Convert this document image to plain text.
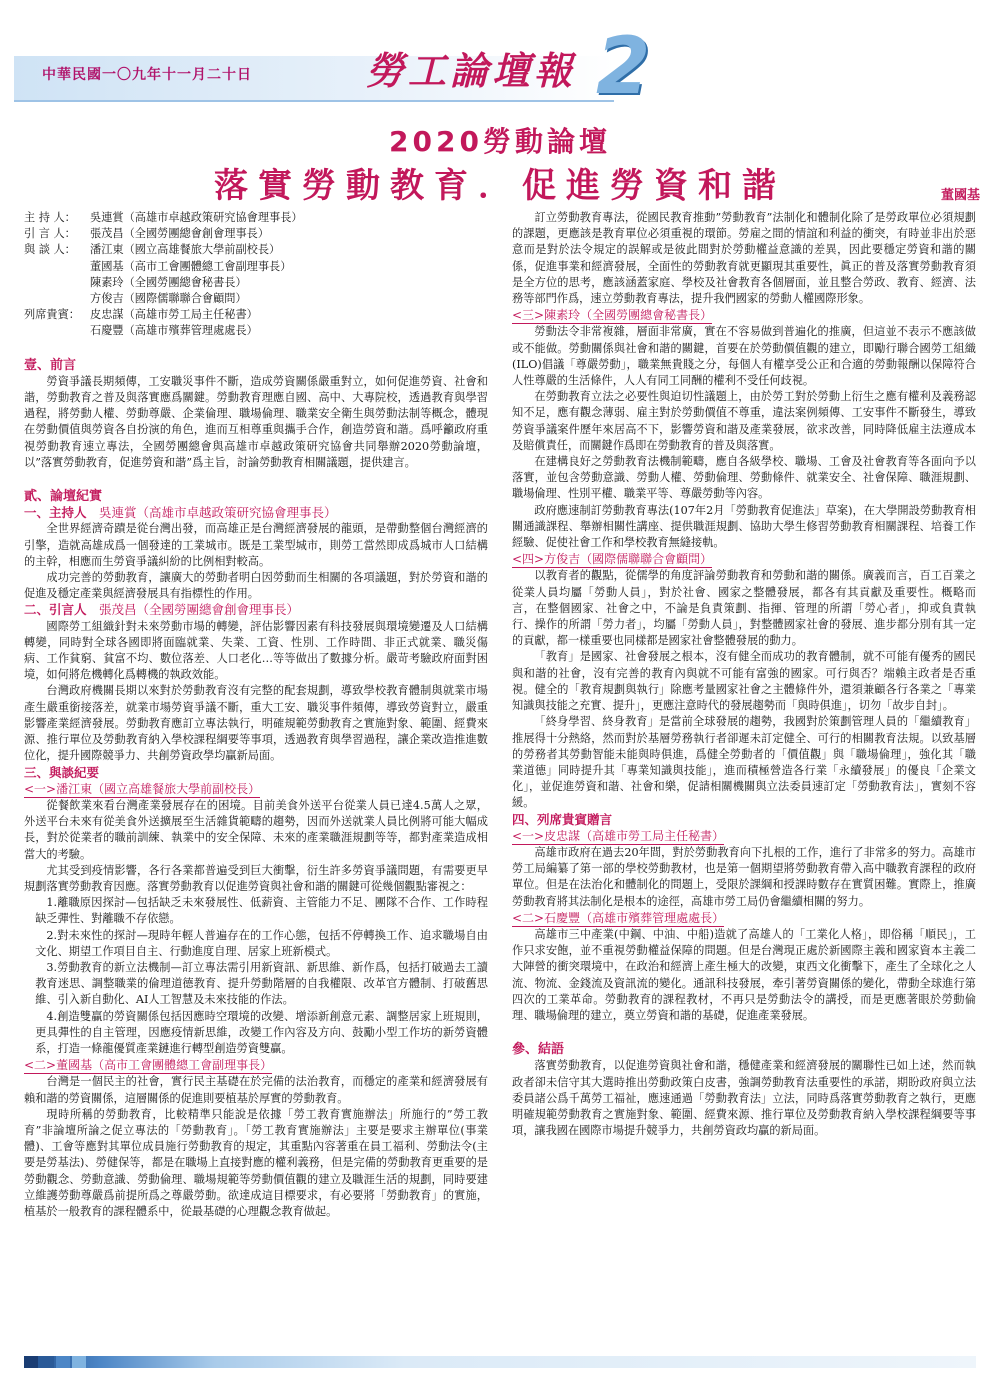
中華民國一〇九年十一月二十日	勞工論壇報 2
2020勞動論壇
落實勞動教育．促進勞資和諧	董國基
主 持 人：	吳連賞（高雄市卓越政策研究協會理事長）
引 言 人：	張茂昌（全國勞團總會創會理事長）
與 談 人：	潘江東（國立高雄餐旅大學前副校長）
董國基（高市工會團體總工會副理事長）
陳素玲（全國勞團總會秘書長）
方俊吉（國際儒聯聯合會顧問）
列席貴賓： 皮忠謀（高雄市勞工局主任秘書）
石慶豐（高雄市殯葬管理處處長）

壹、前言

勞資爭議長期頻傳，工安職災事件不斷，造成勞資關係嚴重對立，如何促進勞資、社會和諧，勞動教育之普及與落實應爲關鍵。勞動教育理應自國、高中、大專院校，透過教育與學習過程，將勞動人權、勞動尊嚴、企業倫理、職場倫理、職業安全衛生與勞動法制等概念，體現在勞動價值與勞資各自扮演的角色，進而互相尊重與攜手合作，創造勞資和諧。爲呼籲政府重視勞動教育速立專法，全國勞團總會與高雄市卓越政策研究協會共同舉辦2020勞動論壇，以”落實勞動教育，促進勞資和諧”爲主旨，討論勞動教育相關議題，提供建言。

貳、論壇紀實

一、主持人　 吳連賞（高雄市卓越政策研究協會理事長）

全世界經濟奇蹟是從台灣出發，而高雄正是台灣經濟發展的龍頭，是帶動整個台灣經濟的引擎，造就高雄成爲一個發達的工業城市。既是工業型城市，則勞工當然即成爲城市人口結構的主幹，相應而生勞資爭議糾紛的比例相對較高。

成功完善的勞動教育，讓廣大的勞動者明白因勞動而生相關的各項議題，對於勞資和諧的促進及穩定產業與經濟發展具有指標性的作用。

二、引言人　 張茂昌（全國勞團總會創會理事長）

國際勞工組織針對未來勞動市場的轉變，評估影響因素有科技發展與環境變遷及人口結構轉變，同時對全球各國即將面臨就業、失業、工資、性別、工作時間、非正式就業、職災傷病、工作貧窮、貧富不均、數位落差、人口老化…等等做出了數據分析。嚴苛考驗政府面對困境，如何將危機轉化爲轉機的執政效能。

台灣政府機關長期以來對於勞動教育沒有完整的配套規劃，導致學校教育體制與就業市場產生嚴重銜接落差，就業市場勞資爭議不斷，重大工安、職災事件頻傳，導致勞資對立，嚴重影響產業經濟發展。勞動教育應訂立專法執行，明確規範勞動教育之實施對象、範圍、經費來源、推行單位及勞動教育納入學校課程綱要等事項，透過教育與學習過程，讓企業改造推進數位化，提升國際競爭力、共創勞資政學均贏新局面。

三、與談紀要

<一>潘江東（國立高雄餐旅大學前副校長）

從餐飲業來看台灣產業發展存在的困境。目前美食外送平台從業人員已達4.5萬人之眾，外送平台未來有從美食外送擴展至生活雜貨範疇的趨勢，因而外送就業人員比例將可能大幅成長，對於從業者的職前訓練、執業中的安全保障、未來的產業職涯規劃等等，都對產業造成相當大的考驗。

尤其受到疫情影響，各行各業都普遍受到巨大衝擊，衍生許多勞資爭議問題，有需要更早規劃落實勞動教育因應。落實勞動教育以促進勞資與社會和諧的關鍵可從幾個觀點審視之：

1.離職原因探討—包括缺乏未來發展性、低薪資、主管能力不足、團隊不合作、工作時程缺乏彈性、對離職不存依戀。

2.對未來性的探討—現時年輕人普遍存在的工作心態，包括不停轉換工作、追求職場自由文化、期望工作項目自主、行動進度自理、居家上班新模式。

3.勞動教育的新立法機制—訂立專法需引用新資訊、新思維、新作爲，包括打破過去工讀教育迷思、調整職業的倫理道德教育、提升勞動階層的自我權限、改革官方體制、打破舊思維、引入新自動化、AI人工智慧及未來技能的作法。

4.創造雙贏的勞資關係包括因應時空環境的改變、增添新創意元素、調整居家上班規則，更具彈性的自主管理，因應疫情新思維，改變工作內容及方向、鼓勵小型工作坊的新勞資體系，打造一條龍優質產業鏈進行轉型創造勞資雙贏。

<二>董國基（高市工會團體總工會副理事長）

台灣是一個民主的社會，實行民主基礎在於完備的法治教育，而穩定的產業和經濟發展有賴和諧的勞資關係，這層關係的促進則要植基於厚實的勞動教育。

現時所稱的勞動教育，比較精準只能說是依據「勞工教育實施辦法」所施行的”勞工教育”非論壇所論之促立專法的「勞動教育」。「勞工教育實施辦法」主要是要求主辦單位(事業體)、工會等應對其單位成員施行勞動教育的規定，其重點內容著重在員工福利、勞動法令(主要是勞基法)、勞健保等，都是在職場上直接對應的權利義務，但是完備的勞動教育更重要的是勞動觀念、勞動意識、勞動倫理、職場規範等勞動價值觀的建立及職涯生活的規劃，同時要建立維護勞動尊嚴爲前提所爲之尊嚴勞動。欲達成這目標要求，有必要將「勞動教育」的實施，植基於一般教育的課程體系中，從最基礎的心理觀念教育做起。

訂立勞動教育專法，從國民教育推動”勞動教育”法制化和體制化除了是勞政單位必須規劃的課題，更應該是教育單位必須重視的環節。勞雇之間的情誼和利益的衝突，有時並非出於惡意而是對於法令規定的誤解或是彼此間對於勞動權益意識的差異，因此要穩定勞資和諧的關係，促進事業和經濟發展，全面性的勞動教育就更顯現其重要性，眞正的普及落實勞動教育須是全方位的思考，應該涵蓋家庭、學校及社會教育各個層面，並且整合勞政、教育、經濟、法務等部門作爲，速立勞動教育專法，提升我們國家的勞動人權國際形象。

<三>陳素玲（全國勞團總會秘書長）

勞動法令非常複雜，層面非常廣，實在不容易做到普遍化的推廣，但這並不表示不應該做或不能做。勞動關係與社會和諧的關鍵，首要在於勞動價值觀的建立，即勵行聯合國勞工組織(ILO)倡議「尊嚴勞動」，職業無貴賤之分，每個人有權享受公正和合適的勞動報酬以保障符合人性尊嚴的生活條件，人人有同工同酬的權利不受任何歧視。

在勞動教育立法之必要性與迫切性議題上，由於勞工對於勞動上衍生之應有權利及義務認知不足，應有觀念薄弱、雇主對於勞動價值不尊重，違法案例頻傳、工安事件不斷發生，導致勞資爭議案件歷年來居高不下，影響勞資和諧及產業發展，欲求改善，同時降低雇主法遵成本及賠償責任，而關鍵作爲即在勞動教育的普及與落實。

在建構良好之勞動教育法機制範疇，應自各級學校、職場、工會及社會教育等各面向予以落實，並包含勞動意識、勞動人權、勞動倫理、勞動條件、就業安全、社會保障、職涯規劃、職場倫理、性別平權、職業平等、尊嚴勞動等內容。

政府應速制訂勞動教育專法(107年2月「勞動教育促進法」草案)，在大學開設勞動教育相關通識課程、舉辦相關性講座、提供職涯規劃、協助大學生修習勞動教育相關課程、培養工作經驗、促使社會工作和學校教育無縫接軌。

<四>方俊吉（國際儒聯聯合會顧問）

以教育者的觀點，從儒學的角度評論勞動教育和勞動和諧的關係。廣義而言，百工百業之從業人員均屬「勞動人員」，對於社會、國家之整體發展，都各有其貢獻及重要性。概略而言，在整個國家、社會之中，不論是負責策劃、指揮、管理的所謂「勞心者」，抑或負責執行、操作的所謂「勞力者」，均屬「勞動人員」，對整體國家社會的發展、進步都分別有其一定的貢獻，都一樣重要也同樣都是國家社會整體發展的動力。

「教育」是國家、社會發展之根本，沒有健全而成功的教育體制，就不可能有優秀的國民與和諧的社會，沒有完善的教育內與就不可能有富強的國家。可行與否？端賴主政者是否重視。健全的「教育規劃與執行」除應考量國家社會之主體條件外，還須兼顧各行各業之「專業知識與技能之充實、提升」，更應注意時代的發展趨勢而「與時俱進」，切勿「故步自封」。

「終身學習、終身教育」是當前全球發展的趨勢，我國對於策劃管理人員的「繼續教育」推展得十分熱絡，然而對於基層勞務執行者卻遲未訂定健全、可行的相關教育法規。以致基層的勞務者其勞動智能未能與時俱進，爲健全勞動者的「價值觀」與「職場倫理」，強化其「職業道德」同時提升其「專業知識與技能」，進而積極營造各行業「永續發展」的優良「企業文化」，並促進勞資和諧、社會和樂，促請相關機關與立法委員速訂定「勞動教育法」，實刻不容緩。

四、列席貴賓贈言

<一>皮忠謀（高雄市勞工局主任秘書）

高雄市政府在過去20年間，對於勞動教育向下扎根的工作，進行了非常多的努力。高雄市勞工局編纂了第一部的學校勞動教材，也是第一個期望將勞動教育帶入高中職教育課程的政府單位。但是在法治化和體制化的問題上，受限於課綱和授課時數存在實質困難。實際上，推廣勞動教育將其法制化是根本的途徑，高雄市勞工局仍會繼續相關的努力。

<二>石慶豐（高雄市殯葬管理處處長）

高雄市三中產業(中鋼、中油、中船)造就了高雄人的「工業化人格」，即俗稱「順民」，工作只求安飽，並不重視勞動權益保障的問題。但是台灣現正處於新國際主義和國家資本主義二大陣營的衝突環境中，在政治和經濟上產生極大的改變，東西文化衝擊下，產生了全球化之人流、物流、金錢流及資訊流的變化。通訊科技發展，牽引著勞資關係的變化，帶動全球進行第四次的工業革命。勞動教育的課程教材，不再只是勞動法令的講授，而是更應著眼於勞動倫理、職場倫理的建立，奠立勞資和諧的基礎，促進產業發展。

參、結語

落實勞動教育，以促進勞資與社會和諧，穩健產業和經濟發展的關聯性已如上述，然而執政者卻未信守其大選時推出勞動政策白皮書，強調勞動教育法重要性的承諾，期盼政府與立法委員諸公爲千萬勞工福祉，應速通過「勞動教育法」立法，同時爲落實勞動教育之執行，更應明確規範勞動教育之實施對象、範圍、經費來源、推行單位及勞動教育納入學校課程綱要等事項，讓我國在國際市場提升競爭力，共創勞資政均贏的新局面。
